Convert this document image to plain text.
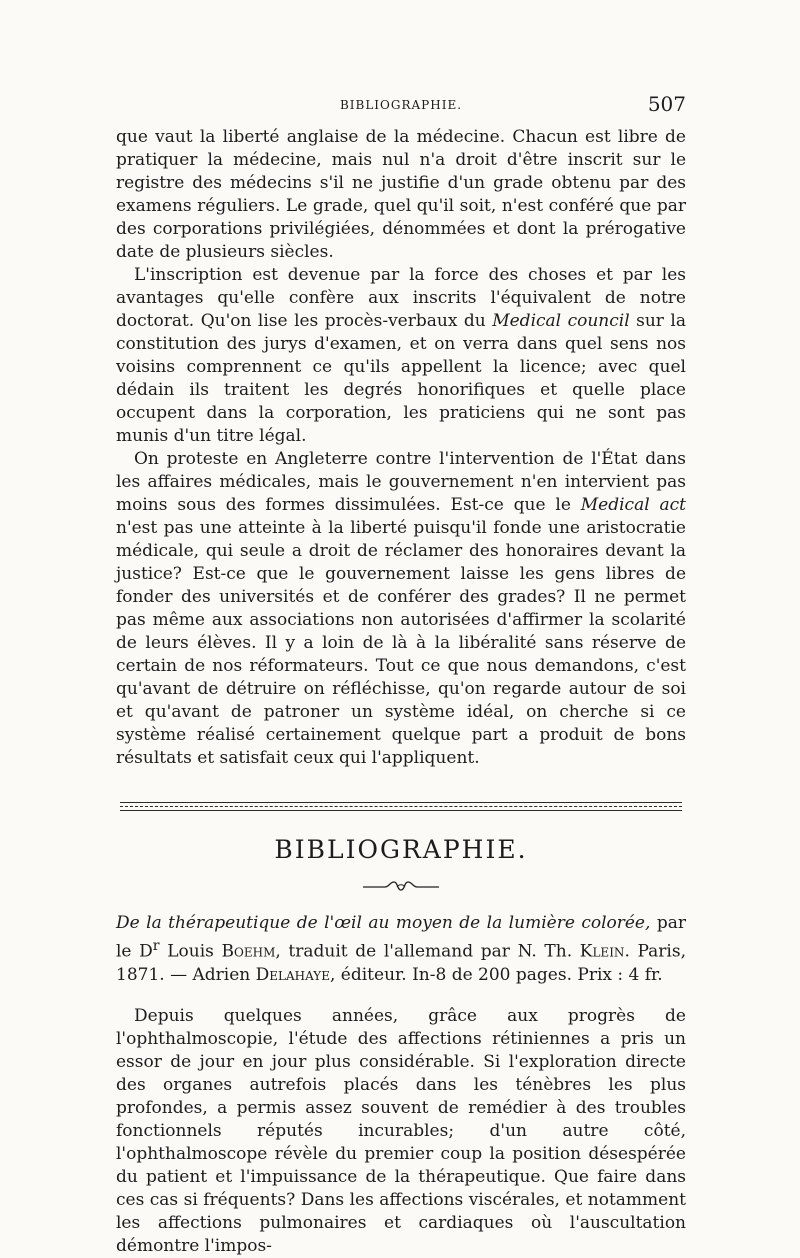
BIBLIOGRAPHIE.	507

que vaut la liberté anglaise de la médecine. Chacun est libre de pratiquer la médecine, mais nul n'a droit d'être inscrit sur le registre des médecins s'il ne justifie d'un grade obtenu par des examens réguliers. Le grade, quel qu'il soit, n'est conféré que par des corporations privilégiées, dénommées et dont la prérogative date de plusieurs siècles.

L'inscription est devenue par la force des choses et par les avantages qu'elle confère aux inscrits l'équivalent de notre doctorat. Qu'on lise les procès-verbaux du Medical council sur la constitution des jurys d'examen, et on verra dans quel sens nos voisins comprennent ce qu'ils appellent la licence; avec quel dédain ils traitent les degrés honorifiques et quelle place occupent dans la corporation, les praticiens qui ne sont pas munis d'un titre légal.

On proteste en Angleterre contre l'intervention de l'État dans les affaires médicales, mais le gouvernement n'en intervient pas moins sous des formes dissimulées. Est-ce que le Medical act n'est pas une atteinte à la liberté puisqu'il fonde une aristocratie médicale, qui seule a droit de réclamer des honoraires devant la justice? Est-ce que le gouvernement laisse les gens libres de fonder des universités et de conférer des grades? Il ne permet pas même aux associations non autorisées d'affirmer la scolarité de leurs élèves. Il y a loin de là à la libéralité sans réserve de certain de nos réformateurs. Tout ce que nous demandons, c'est qu'avant de détruire on réfléchisse, qu'on regarde autour de soi et qu'avant de patroner un système idéal, on cherche si ce système réalisé certainement quelque part a produit de bons résultats et satisfait ceux qui l'appliquent.

BIBLIOGRAPHIE.
De la thérapeutique de l'œil au moyen de la lumière colorée, par le $D^r$ Louis Boehm, traduit de l'allemand par N. Th. Klein. Paris, 1871. — Adrien Delahaye, éditeur. In-8 de 200 pages. Prix : 4 fr.

Depuis quelques années, grâce aux progrès de l'ophthalmoscopie, l'étude des affections rétiniennes a pris un essor de jour en jour plus considérable. Si l'exploration directe des organes autrefois placés dans les ténèbres les plus profondes, a permis assez souvent de remédier à des troubles fonctionnels réputés incurables; d'un autre côté, l'ophthalmoscope révèle du premier coup la position désespérée du patient et l'impuissance de la thérapeutique. Que faire dans ces cas si fréquents? Dans les affections viscérales, et notamment les affections pulmonaires et cardiaques où l'auscultation démontre l'impos-
